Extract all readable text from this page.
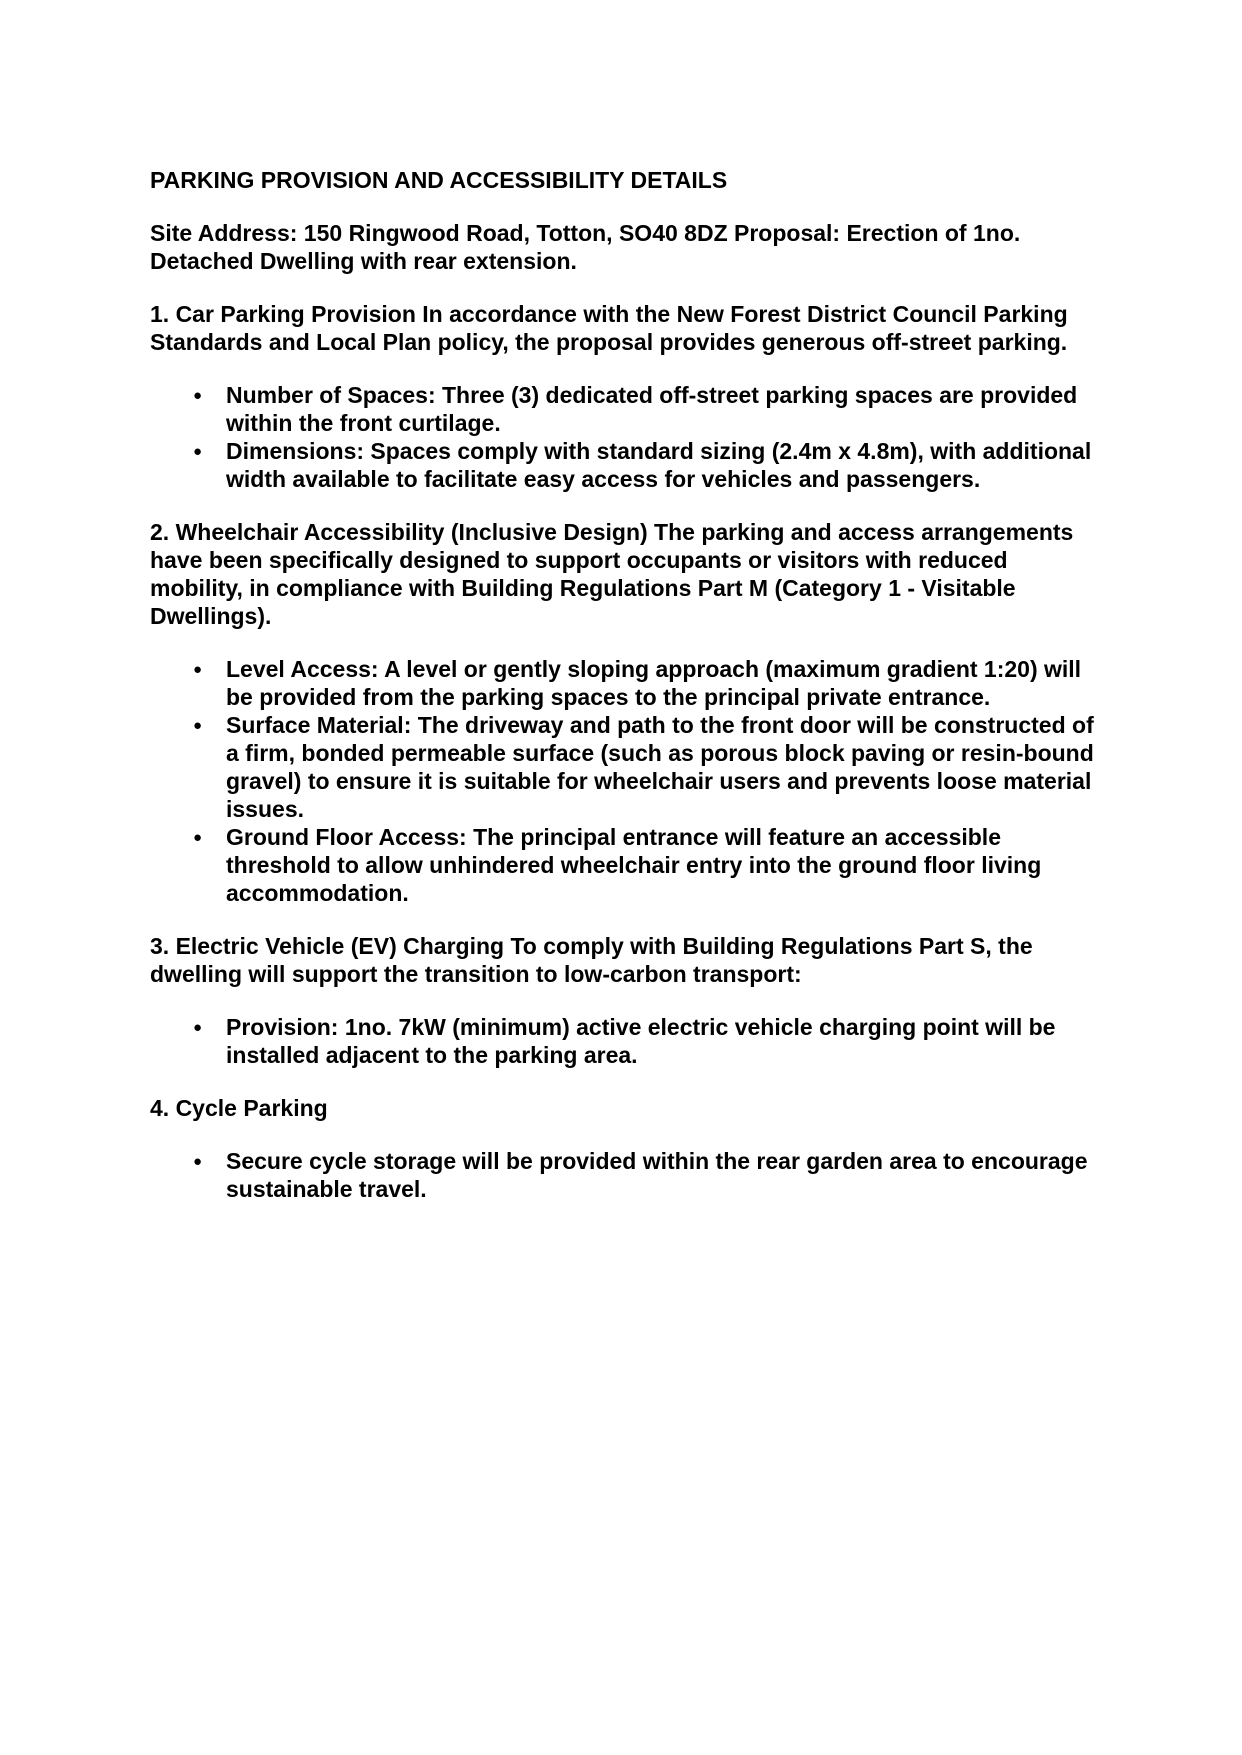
PARKING PROVISION AND ACCESSIBILITY DETAILS

Site Address: 150 Ringwood Road, Totton, SO40 8DZ Proposal: Erection of 1no. Detached Dwelling with rear extension.

1. Car Parking Provision In accordance with the New Forest District Council Parking Standards and Local Plan policy, the proposal provides generous off-street parking.

● Number of Spaces: Three (3) dedicated off-street parking spaces are provided within the front curtilage.
● Dimensions: Spaces comply with standard sizing (2.4m x 4.8m), with additional width available to facilitate easy access for vehicles and passengers.

2. Wheelchair Accessibility (Inclusive Design) The parking and access arrangements have been specifically designed to support occupants or visitors with reduced mobility, in compliance with Building Regulations Part M (Category 1 - Visitable Dwellings).

● Level Access: A level or gently sloping approach (maximum gradient 1:20) will be provided from the parking spaces to the principal private entrance.
● Surface Material: The driveway and path to the front door will be constructed of a firm, bonded permeable surface (such as porous block paving or resin-bound gravel) to ensure it is suitable for wheelchair users and prevents loose material issues.
● Ground Floor Access: The principal entrance will feature an accessible threshold to allow unhindered wheelchair entry into the ground floor living accommodation.

3. Electric Vehicle (EV) Charging To comply with Building Regulations Part S, the dwelling will support the transition to low-carbon transport:

● Provision: 1no. 7kW (minimum) active electric vehicle charging point will be installed adjacent to the parking area.

4. Cycle Parking

● Secure cycle storage will be provided within the rear garden area to encourage sustainable travel.
